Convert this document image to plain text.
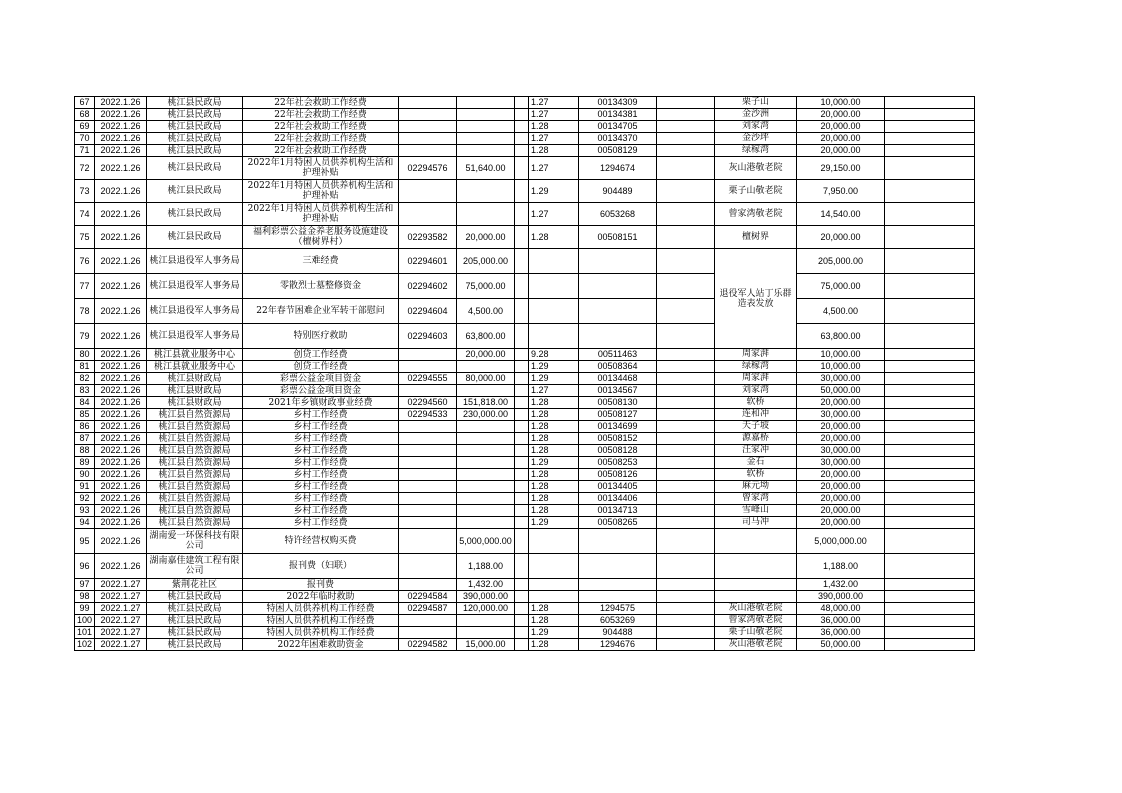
67	2022.1.26	桃江县民政局	22年社会救助工作经费				1.27	00134309		栗子山	10,000.00	
68	2022.1.26	桃江县民政局	22年社会救助工作经费				1.27	00134381		金沙洲	20,000.00	
69	2022.1.26	桃江县民政局	22年社会救助工作经费				1.28	00134705		刘家湾	20,000.00	
70	2022.1.26	桃江县民政局	22年社会救助工作经费				1.27	00134370		金沙坪	20,000.00	
71	2022.1.26	桃江县民政局	22年社会救助工作经费				1.28	00508129		绿稼湾	20,000.00	
72	2022.1.26	桃江县民政局	2022年1月特困人员供养机构生活和护理补贴	02294576	51,640.00		1.27	1294674		灰山港敬老院	29,150.00	
73	2022.1.26	桃江县民政局	2022年1月特困人员供养机构生活和护理补贴				1.29	904489		栗子山敬老院	7,950.00	
74	2022.1.26	桃江县民政局	2022年1月特困人员供养机构生活和护理补贴				1.27	6053268		曾家湾敬老院	14,540.00	
75	2022.1.26	桃江县民政局	福利彩票公益金养老服务设施建设（檀树界村）	02293582	20,000.00		1.28	00508151		檀树界	20,000.00	
76	2022.1.26	桃江县退役军人事务局	三难经费	02294601	205,000.00					退役军人站丁乐群造表发放	205,000.00	
77	2022.1.26	桃江县退役军人事务局	零散烈士墓整修资金	02294602	75,000.00						75,000.00	
78	2022.1.26	桃江县退役军人事务局	22年春节困难企业军转干部慰问	02294604	4,500.00						4,500.00	
79	2022.1.26	桃江县退役军人事务局	特别医疗救助	02294603	63,800.00						63,800.00	
80	2022.1.26	桃江县就业服务中心	创贷工作经费		20,000.00		9.28	00511463		周家湃	10,000.00	
81	2022.1.26	桃江县就业服务中心	创贷工作经费				1.29	00508364		绿稼湾	10,000.00	
82	2022.1.26	桃江县财政局	彩票公益金项目资金	02294555	80,000.00		1.29	00134468		周家湃	30,000.00	
83	2022.1.26	桃江县财政局	彩票公益金项目资金				1.27	00134567		刘家湾	50,000.00	
84	2022.1.26	桃江县财政局	2021年乡镇财政事业经费	02294560	151,818.00		1.28	00508130		软桥	20,000.00	
85	2022.1.26	桃江县自然资源局	乡村工作经费	02294533	230,000.00		1.28	00508127		连和冲	30,000.00	
86	2022.1.26	桃江县自然资源局	乡村工作经费				1.28	00134699		天子坡	20,000.00	
87	2022.1.26	桃江县自然资源局	乡村工作经费				1.28	00508152		源嘉桥	20,000.00	
88	2022.1.26	桃江县自然资源局	乡村工作经费				1.28	00508128		汪家冲	30,000.00	
89	2022.1.26	桃江县自然资源局	乡村工作经费				1.29	00508253		金石	30,000.00	
90	2022.1.26	桃江县自然资源局	乡村工作经费				1.28	00508126		软桥	20,000.00	
91	2022.1.26	桃江县自然资源局	乡村工作经费				1.28	00134405		麻元坳	20,000.00	
92	2022.1.26	桃江县自然资源局	乡村工作经费				1.28	00134406		曾家湾	20,000.00	
93	2022.1.26	桃江县自然资源局	乡村工作经费				1.28	00134713		雪峰山	20,000.00	
94	2022.1.26	桃江县自然资源局	乡村工作经费				1.29	00508265		司马冲	20,000.00	
95	2022.1.26	湖南爱一环保科技有限公司	特许经营权购买费		5,000,000.00						5,000,000.00	
96	2022.1.26	湖南嘉佳建筑工程有限公司	报刊费（妇联）		1,188.00						1,188.00	
97	2022.1.27	紫荆花社区	报刊费		1,432.00						1,432.00	
98	2022.1.27	桃江县民政局	2022年临时救助	02294584	390,000.00						390,000.00	
99	2022.1.27	桃江县民政局	特困人员供养机构工作经费	02294587	120,000.00		1.28	1294575		灰山港敬老院	48,000.00	
100	2022.1.27	桃江县民政局	特困人员供养机构工作经费				1.28	6053269		曾家湾敬老院	36,000.00	
101	2022.1.27	桃江县民政局	特困人员供养机构工作经费				1.29	904488		栗子山敬老院	36,000.00	
102	2022.1.27	桃江县民政局	2022年困难救助资金	02294582	15,000.00		1.28	1294676		灰山港敬老院	50,000.00	
